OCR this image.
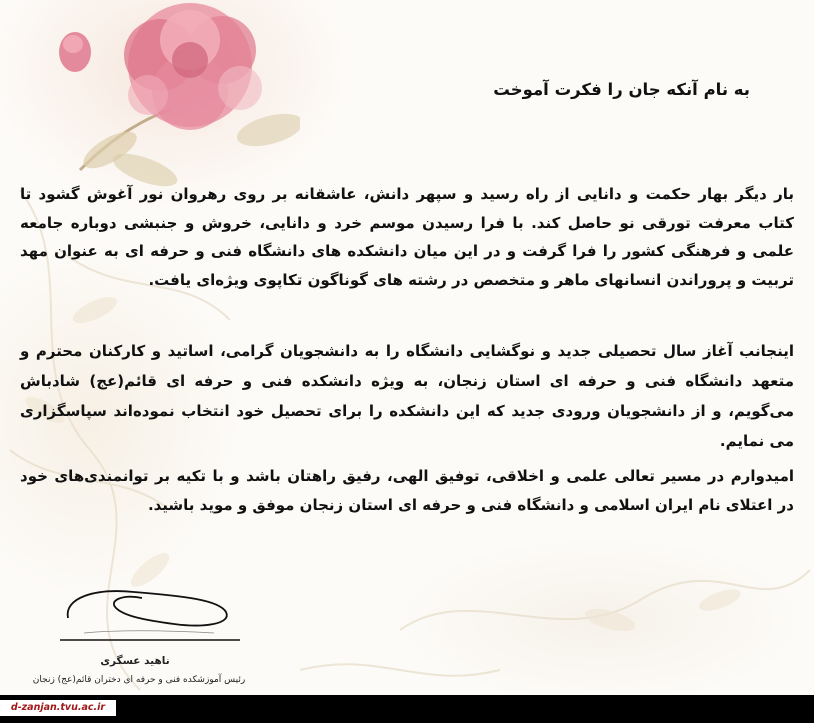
به نام آنکه جان را فکرت آموخت

بار دیگر بهار حکمت و دانایی از راه رسید و سپهر دانش، عاشقانه بر روی رهروان نور آغوش گشود تا کتاب معرفت تورقی نو حاصل کند. با فرا رسیدن موسم خرد و دانایی، خروش و جنبشی دوباره جامعه علمی و فرهنگی کشور را فرا گرفت و در این میان دانشکده های دانشگاه فنی و حرفه ای به عنوان مهد تربیت و پروراندن انسانهای ماهر و متخصص در رشته های گوناگون تکاپوی ویژه‌ای یافت.

اینجانب آغاز سال تحصیلی جدید و نوگشایی دانشگاه را به دانشجویان گرامی، اساتید و کارکنان محترم و متعهد دانشگاه فنی و حرفه ای استان زنجان، به ویژه دانشکده فنی و حرفه ای قائم(عج) شادباش می‌گویم، و از دانشجویان ورودی جدید که این دانشکده را برای تحصیل خود انتخاب نموده‌اند سپاسگزاری می نمایم.

امیدوارم در مسیر تعالی علمی و اخلاقی، توفیق الهی، رفیق راهتان باشد و با تکیه بر توانمندی‌های خود در اعتلای نام ایران اسلامی و دانشگاه فنی و حرفه ای استان زنجان موفق و موید باشید.

ناهید عسگری
رئیس آموزشکده فنی و حرفه ای دختران قائم(عج) زنجان
d-zanjan.tvu.ac.ir
